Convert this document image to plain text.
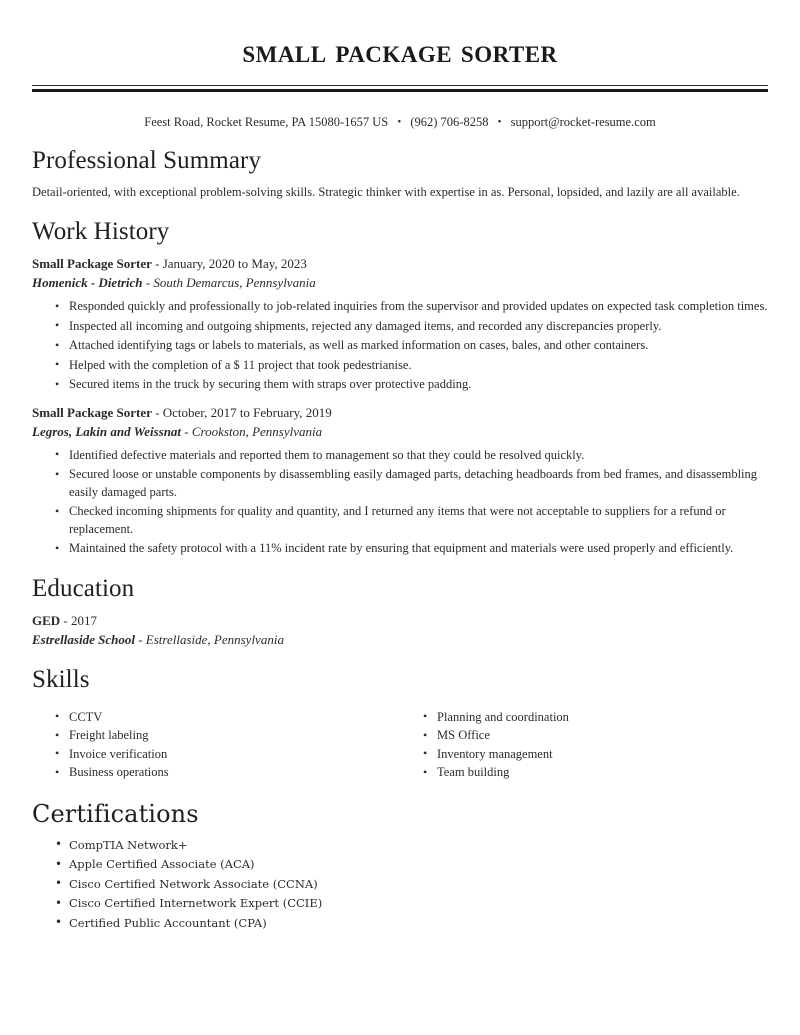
small package sorter
Feest Road, Rocket Resume, PA 15080-1657 US • (962) 706-8258 • support@rocket-resume.com
Professional Summary

Detail-oriented, with exceptional problem-solving skills. Strategic thinker with expertise in as. Personal, lopsided, and lazily are all available.

Work History
Small Package Sorter - January, 2020 to May, 2023
Homenick - Dietrich - South Demarcus, Pennsylvania
• Responded quickly and professionally to job-related inquiries from the supervisor and provided updates on expected task completion times.
• Inspected all incoming and outgoing shipments, rejected any damaged items, and recorded any discrepancies properly.
• Attached identifying tags or labels to materials, as well as marked information on cases, bales, and other containers.
• Helped with the completion of a $ 11 project that took pedestrianise.
• Secured items in the truck by securing them with straps over protective padding.
Small Package Sorter - October, 2017 to February, 2019
Legros, Lakin and Weissnat - Crookston, Pennsylvania
• Identified defective materials and reported them to management so that they could be resolved quickly.
• Secured loose or unstable components by disassembling easily damaged parts, detaching headboards from bed frames, and disassembling easily damaged parts.
• Checked incoming shipments for quality and quantity, and I returned any items that were not acceptable to suppliers for a refund or replacement.
• Maintained the safety protocol with a 11% incident rate by ensuring that equipment and materials were used properly and efficiently.
Education
GED - 2017
Estrellaside School - Estrellaside, Pennsylvania
Skills
• CCTV
• Freight labeling
• Invoice verification
• Business operations
• Planning and coordination
• MS Office
• Inventory management
• Team building
Certifications
• CompTIA Network+
• Apple Certified Associate (ACA)
• Cisco Certified Network Associate (CCNA)
• Cisco Certified Internetwork Expert (CCIE)
• Certified Public Accountant (CPA)
